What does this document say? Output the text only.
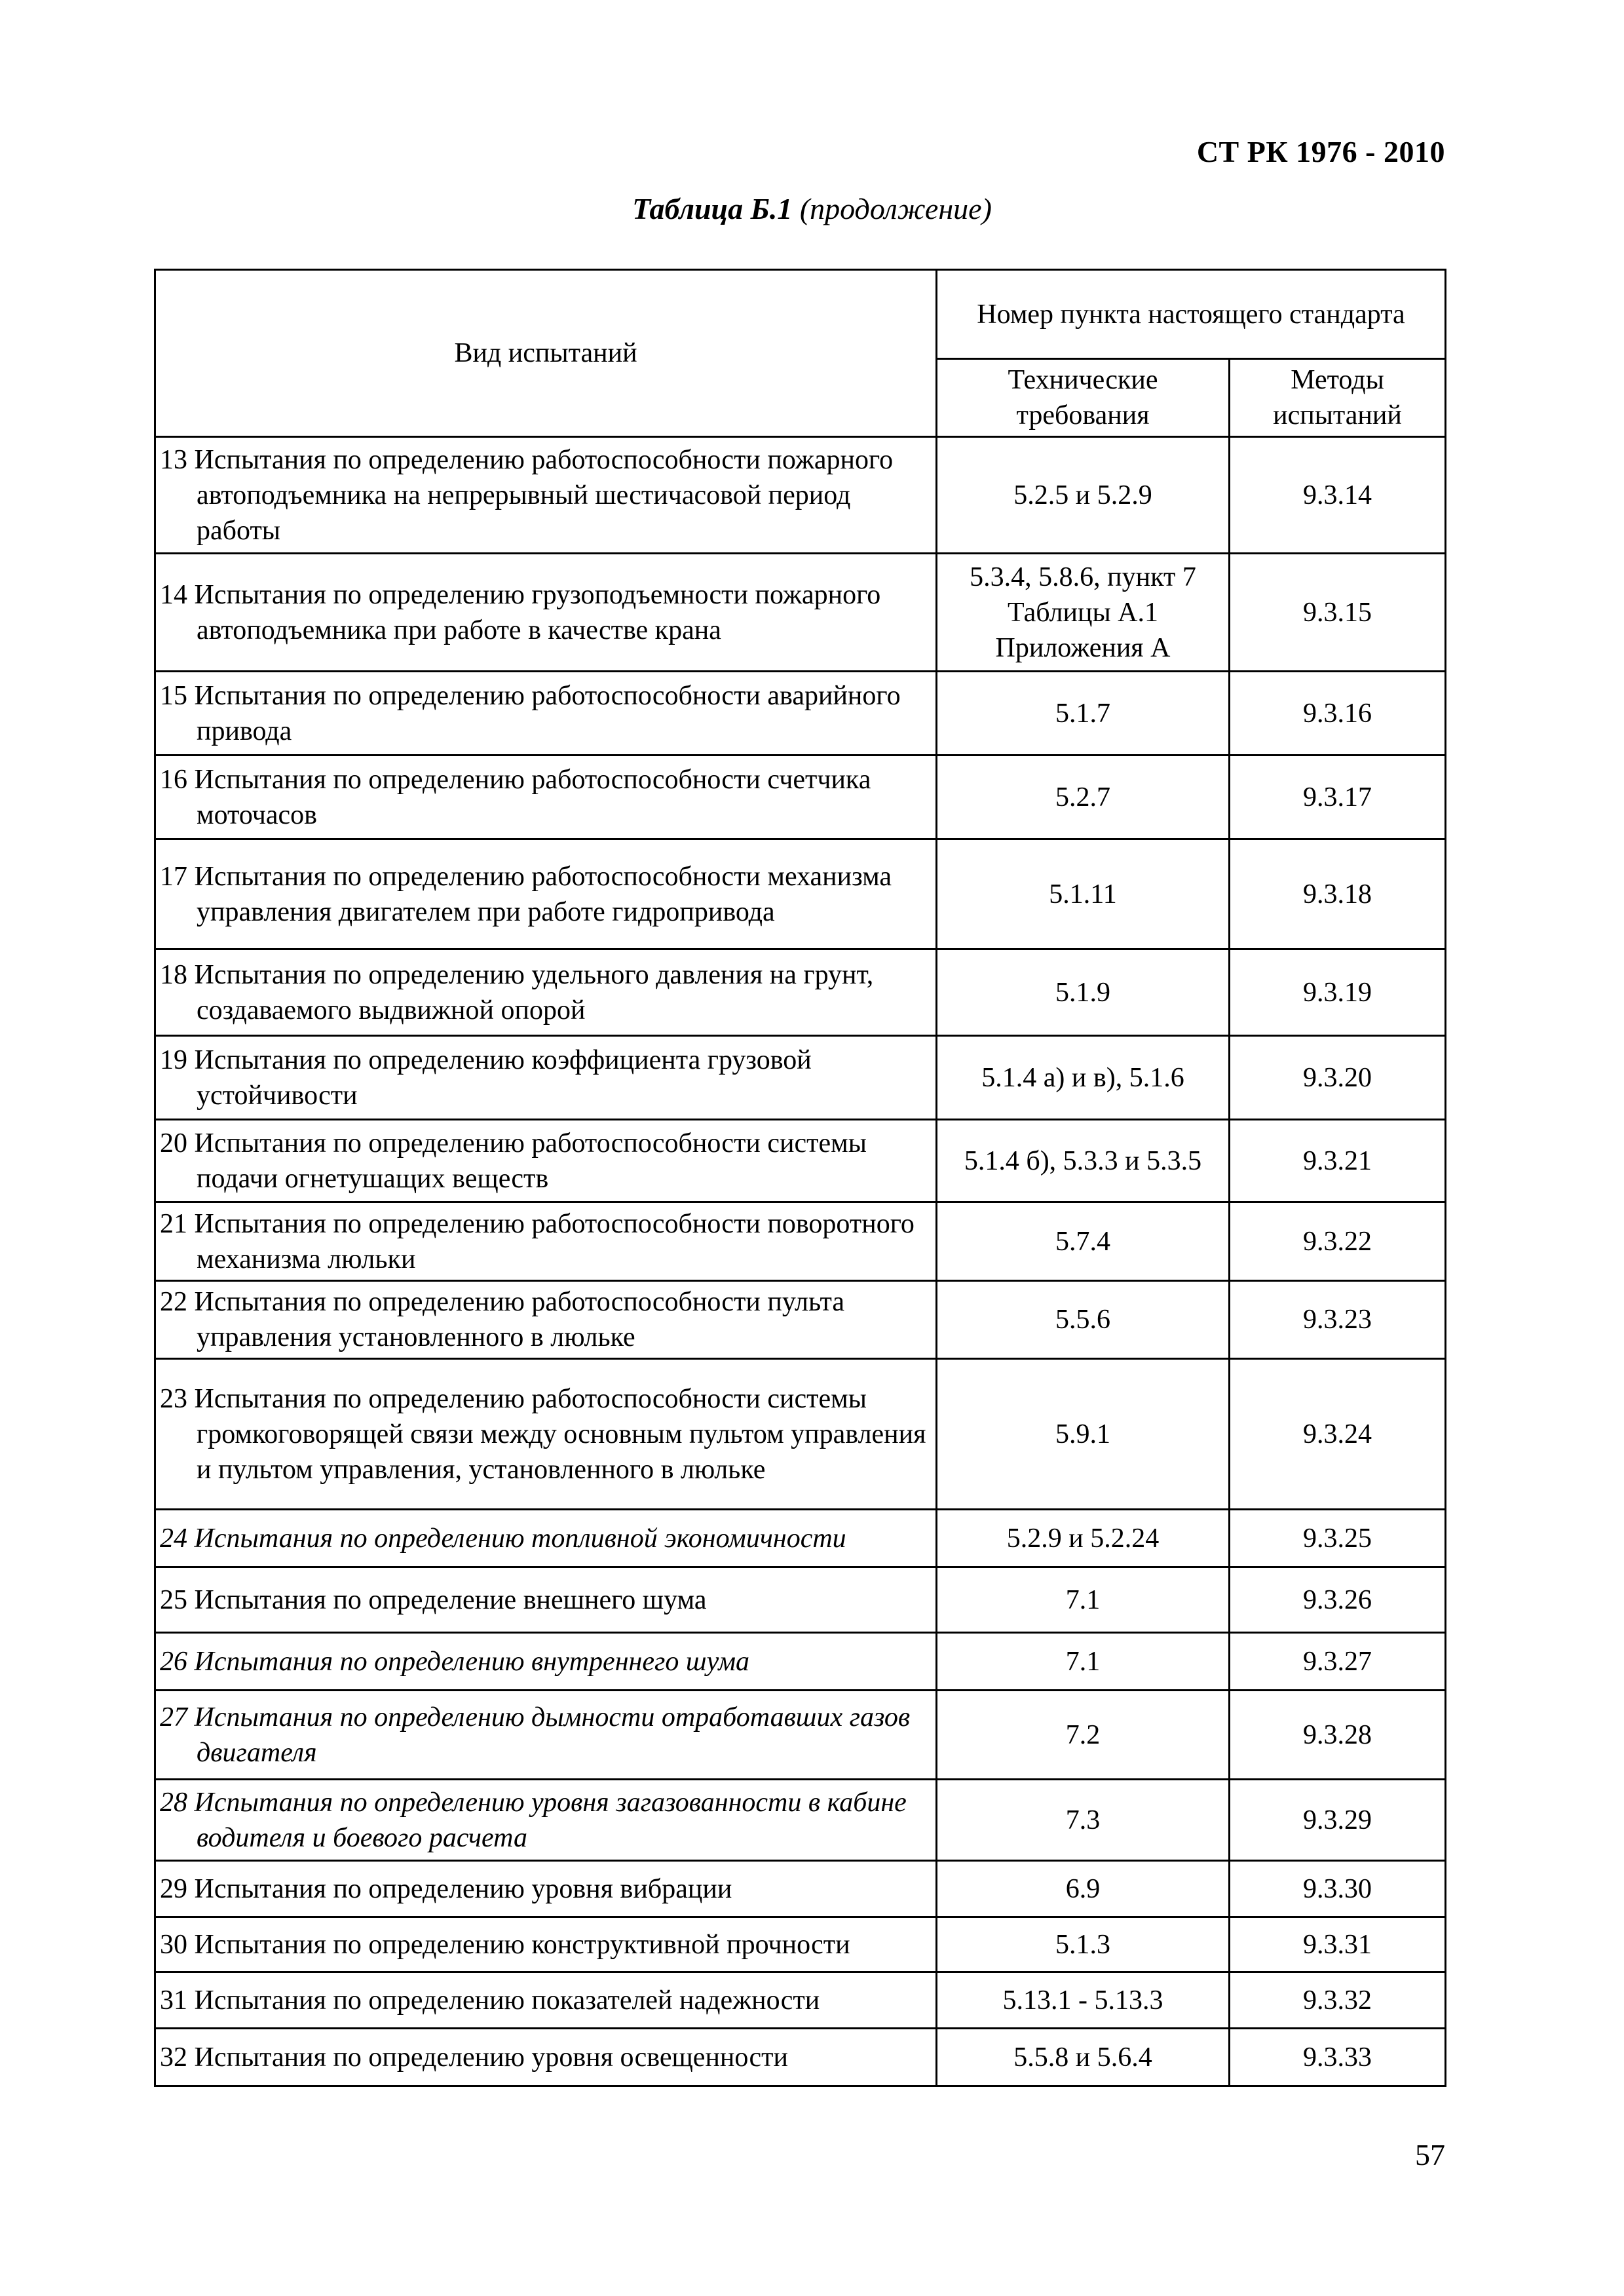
СТ РК 1976 - 2010
Таблица Б.1 (продолжение)
Вид испытаний	Номер пункта настоящего стандарта	
	Технические требования	Методы испытаний
13 Испытания по определению работоспособности пожарного автоподъемника на непрерывный шестичасовой период работы	5.2.5 и 5.2.9	9.3.14
14 Испытания по определению грузоподъемности пожарного автоподъемника при работе в качестве крана	5.3.4, 5.8.6, пункт 7 Таблицы А.1 Приложения А	9.3.15
15 Испытания по определению работоспособности аварийного привода	5.1.7	9.3.16
16 Испытания по определению работоспособности счетчика моточасов	5.2.7	9.3.17
17 Испытания по определению работоспособности механизма управления двигателем при работе гидропривода	5.1.11	9.3.18
18 Испытания по определению удельного давления на грунт, создаваемого выдвижной опорой	5.1.9	9.3.19
19 Испытания по определению коэффициента грузовой устойчивости	5.1.4 а) и в), 5.1.6	9.3.20
20 Испытания по определению работоспособности системы подачи огнетушащих веществ	5.1.4 б), 5.3.3 и 5.3.5	9.3.21
21 Испытания по определению работоспособности поворотного механизма люльки	5.7.4	9.3.22
22 Испытания по определению работоспособности пульта управления установленного в люльке	5.5.6	9.3.23
23 Испытания по определению работоспособности системы громкоговорящей связи между основным пультом управления и пультом управления, установленного в люльке	5.9.1	9.3.24
24 Испытания по определению топливной экономичности	5.2.9 и 5.2.24	9.3.25
25 Испытания по определение внешнего шума	7.1	9.3.26
26 Испытания по определению внутреннего шума	7.1	9.3.27
27 Испытания по определению дымности отработавших газов двигателя	7.2	9.3.28
28 Испытания по определению уровня загазованности в кабине водителя и боевого расчета	7.3	9.3.29
29 Испытания по определению уровня вибрации	6.9	9.3.30
30 Испытания по определению конструктивной прочности	5.1.3	9.3.31
31 Испытания по определению показателей надежности	5.13.1 - 5.13.3	9.3.32
32 Испытания по определению уровня освещенности	5.5.8 и 5.6.4	9.3.33
57
